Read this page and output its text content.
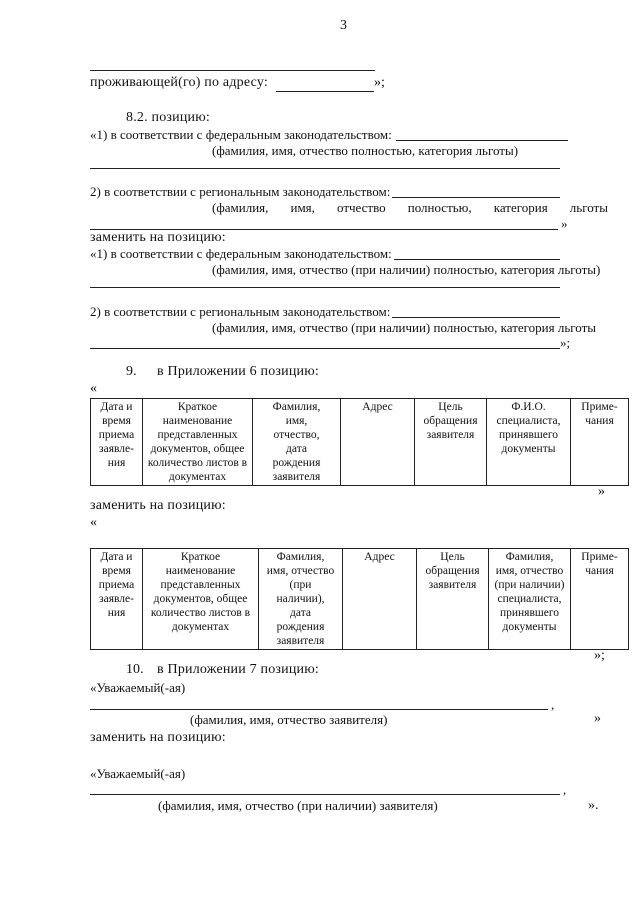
3
проживающей(го) по адресу:	»;
8.2. позицию:
«1) в соответствии с федеральным законодательством:
(фамилия, имя, отчество полностью, категория льготы)
2) в соответствии с региональным законодательством:
(фамилия, имя, отчество полностью, категория льготы
»
заменить на позицию:
«1) в соответствии с федеральным законодательством:
(фамилия, имя, отчество (при наличии) полностью, категория льготы)
2) в соответствии с региональным законодательством:
(фамилия, имя, отчество (при наличии) полностью, категория льготы
»;
9. в Приложении 6 позицию:
«
Дата и
время
приема
заявле-
ния	Краткое
наименование
представленных
документов, общее
количество листов в
документах	Фамилия,
имя,
отчество,
дата
рождения
заявителя	Адрес	Цель
обращения
заявителя	Ф.И.О.
специалиста,
принявшего
документы	Приме-
чания
»
заменить на позицию:
«
Дата и
время
приема
заявле-
ния	Краткое
наименование
представленных
документов, общее
количество листов в
документах	Фамилия,
имя, отчество
(при
наличии),
дата
рождения
заявителя	Адрес	Цель
обращения
заявителя	Фамилия,
имя, отчество
(при наличии)
специалиста,
принявшего
документы	Приме-
чания
»;
10. в Приложении 7 позицию:
«Уважаемый(-ая)
,
(фамилия, имя, отчество заявителя)	»
заменить на позицию:
«Уважаемый(-ая)
,
(фамилия, имя, отчество (при наличии) заявителя)	».
